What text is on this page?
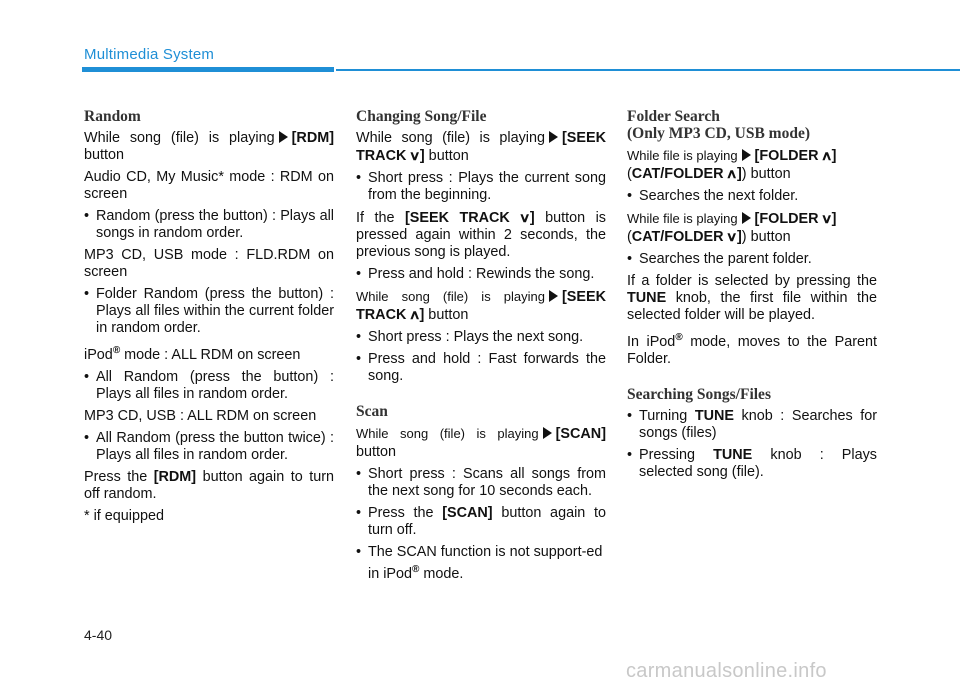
Multimedia System
Random

While song (file) is playing [RDM] button

Audio CD, My Music* mode : RDM on screen

• Random (press the button) : Plays all songs in random order.

MP3 CD, USB mode : FLD.RDM on screen

• Folder Random (press the button) : Plays all files within the current folder in random order.

iPod® mode : ALL RDM on screen

• All Random (press the button) : Plays all files in random order.

MP3 CD, USB : ALL RDM on screen

• All Random (press the button twice) : Plays all files in random order.

Press the [RDM] button again to turn off random.

* if equipped

Changing Song/File

While song (file) is playing [SEEK TRACK ∨] button

• Short press : Plays the current song from the beginning.

If the [SEEK TRACK ∨] button is pressed again within 2 seconds, the previous song is played.

• Press and hold : Rewinds the song.

While song (file) is playing [SEEK TRACK ∧] button

• Short press : Plays the next song.
• Press and hold : Fast forwards the song.
Scan

While song (file) is playing [SCAN] button

• Short press : Scans all songs from the next song for 10 seconds each.
• Press the [SCAN] button again to turn off.
• The SCAN function is not support-ed in iPod® mode.
Folder Search
(Only MP3 CD, USB mode)

While file is playing [FOLDER ∧]
(CAT/FOLDER ∧]) button

• Searches the next folder.

While file is playing [FOLDER ∨]
(CAT/FOLDER ∨]) button

• Searches the parent folder.

If a folder is selected by pressing the TUNE knob, the first file within the selected folder will be played.

In iPod® mode, moves to the Parent Folder.

Searching Songs/Files
• Turning TUNE knob : Searches for songs (files)
• Pressing TUNE knob : Plays selected song (file).
4-40
carmanualsonline.info
